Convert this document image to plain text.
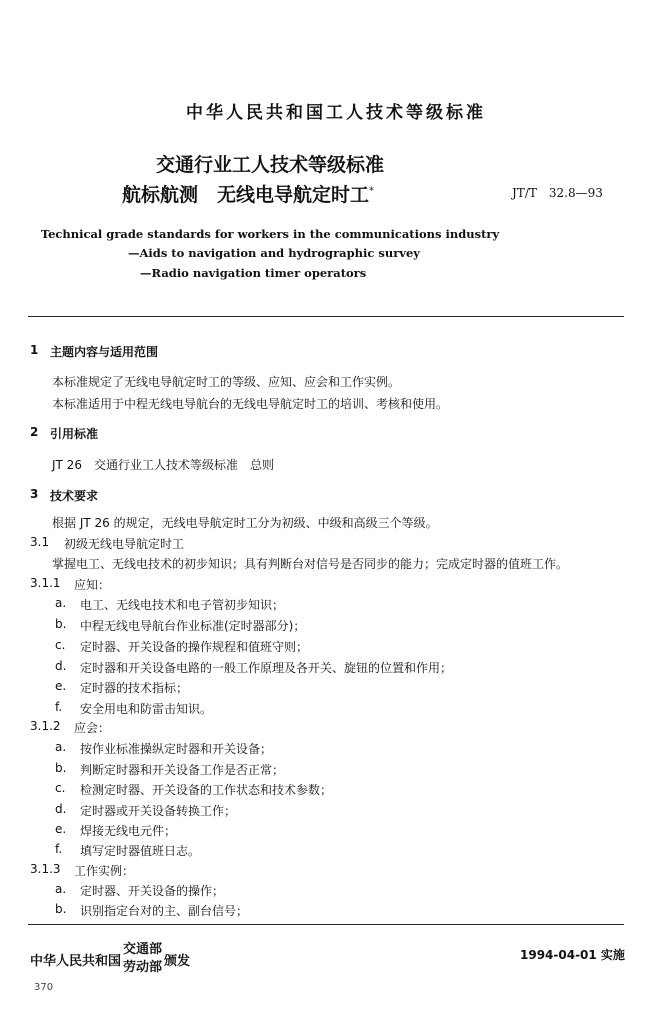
中华人民共和国工人技术等级标准
交通行业工人技术等级标准
航标航测　无线电导航定时工*	JT/T　32.8—93
Technical grade standards for workers in the communications industry
—Aids to navigation and hydrographic survey
—Radio navigation timer operators
1 主题内容与适用范围
本标准规定了无线电导航定时工的等级、应知、应会和工作实例。
本标准适用于中程无线电导航台的无线电导航定时工的培训、考核和使用。
2 引用标准
JT 26　交通行业工人技术等级标准　总则
3 技术要求
根据 JT 26 的规定，无线电导航定时工分为初级、中级和高级三个等级。
3.1 初级无线电导航定时工
掌握电工、无线电技术的初步知识；具有判断台对信号是否同步的能力；完成定时器的值班工作。
3.1.1 应知：
a. 电工、无线电技术和电子管初步知识；
b. 中程无线电导航台作业标准(定时器部分)；
c. 定时器、开关设备的操作规程和值班守则；
d. 定时器和开关设备电路的一般工作原理及各开关、旋钮的位置和作用；
e. 定时器的技术指标；
f. 安全用电和防雷击知识。
3.1.2 应会：
a. 按作业标准操纵定时器和开关设备；
b. 判断定时器和开关设备工作是否正常；
c. 检测定时器、开关设备的工作状态和技术参数；
d. 定时器或开关设备转换工作；
e. 焊接无线电元件；
f. 填写定时器值班日志。
3.1.3 工作实例：
a. 定时器、开关设备的操作；
b. 识别指定台对的主、副台信号；
中华人民共和国
交通部
劳动部 颁发	1994-04-01 实施
370
